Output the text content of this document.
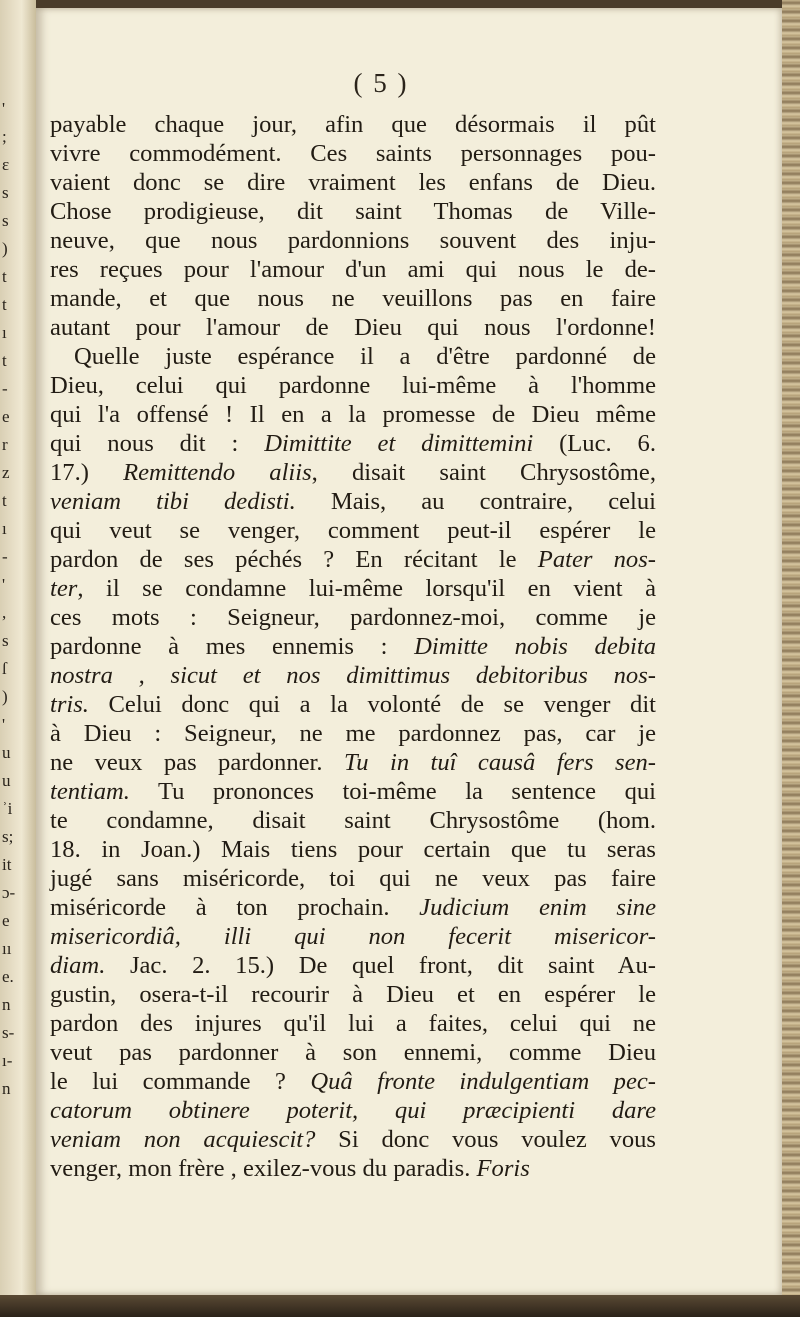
'
;
ɛ
s
s
)
t
t
ı
t
-
e
r
z
t
ı
-
'
,
s
ſ
)
'
u
u
ʾi
s;
it
ɔ-
e
ıı
e.
n
s-
ı-
n
( 5 )
payable chaque jour, afin que désormais il pût
vivre commodément. Ces saints personnages pou-
vaient donc se dire vraiment les enfans de Dieu.
Chose prodigieuse, dit saint Thomas de Ville-
neuve, que nous pardonnions souvent des inju-
res reçues pour l'amour d'un ami qui nous le de-
mande, et que nous ne veuillons pas en faire
autant pour l'amour de Dieu qui nous l'ordonne!
Quelle juste espérance il a d'être pardonné de
Dieu, celui qui pardonne lui-même à l'homme
qui l'a offensé ! Il en a la promesse de Dieu même
qui nous dit : Dimittite et dimittemini (Luc. 6.
17.) Remittendo aliis, disait saint Chrysostôme,
veniam tibi dedisti. Mais, au contraire, celui
qui veut se venger, comment peut-il espérer le
pardon de ses péchés ? En récitant le Pater nos-
ter, il se condamne lui-même lorsqu'il en vient à
ces mots : Seigneur, pardonnez-moi, comme je
pardonne à mes ennemis : Dimitte nobis debita
nostra , sicut et nos dimittimus debitoribus nos-
tris. Celui donc qui a la volonté de se venger dit
à Dieu : Seigneur, ne me pardonnez pas, car je
ne veux pas pardonner. Tu in tuî causâ fers sen-
tentiam. Tu prononces toi-même la sentence qui
te condamne, disait saint Chrysostôme (hom.
18. in Joan.) Mais tiens pour certain que tu seras
jugé sans miséricorde, toi qui ne veux pas faire
miséricorde à ton prochain. Judicium enim sine
misericordiâ, illi qui non fecerit misericor-
diam. Jac. 2. 15.) De quel front, dit saint Au-
gustin, osera-t-il recourir à Dieu et en espérer le
pardon des injures qu'il lui a faites, celui qui ne
veut pas pardonner à son ennemi, comme Dieu
le lui commande ? Quâ fronte indulgentiam pec-
catorum obtinere poterit, qui præcipienti dare
veniam non acquiescit? Si donc vous voulez vous
venger, mon frère , exilez-vous du paradis. Foris
